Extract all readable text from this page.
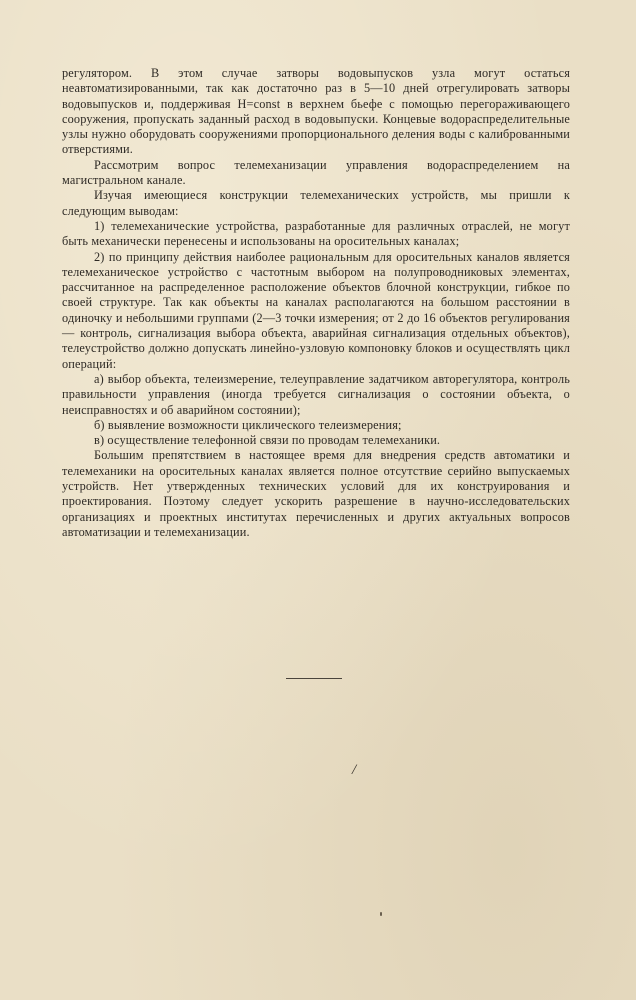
регулятором. В этом случае затворы водовыпусков узла могут остаться неавтоматизированными, так как достаточно раз в 5—10 дней отрегулировать затворы водовыпусков и, поддерживая H=const в верхнем бьефе с помощью перегораживающего сооружения, пропускать заданный расход в водовыпуски. Концевые водораспределительные узлы нужно оборудовать сооружениями пропорционального деления воды с калиброванными отверстиями.

Рассмотрим вопрос телемеханизации управления водораспределением на магистральном канале.

Изучая имеющиеся конструкции телемеханических устройств, мы пришли к следующим выводам:

1) телемеханические устройства, разработанные для различных отраслей, не могут быть механически перенесены и использованы на оросительных каналах;

2) по принципу действия наиболее рациональным для оросительных каналов является телемеханическое устройство с частотным выбором на полупроводниковых элементах, рассчитанное на распределенное расположение объектов блочной конструкции, гибкое по своей структуре. Так как объекты на каналах располагаются на большом расстоянии в одиночку и небольшими группами (2—3 точки измерения; от 2 до 16 объектов регулирования — контроль, сигнализация выбора объекта, аварийная сигнализация отдельных объектов), телеустройство должно допускать линейно-узловую компоновку блоков и осуществлять цикл операций:

а) выбор объекта, телеизмерение, телеуправление задатчиком авторегулятора, контроль правильности управления (иногда требуется сигнализация о состоянии объекта, о неисправностях и об аварийном состоянии);

б) выявление возможности циклического телеизмерения;

в) осуществление телефонной связи по проводам телемеханики.

Большим препятствием в настоящее время для внедрения средств автоматики и телемеханики на оросительных каналах является полное отсутствие серийно выпускаемых устройств. Нет утвержденных технических условий для их конструирования и проектирования. Поэтому следует ускорить разрешение в научно-исследовательских организациях и проектных институтах перечисленных и других актуальных вопросов автоматизации и телемеханизации.

/
